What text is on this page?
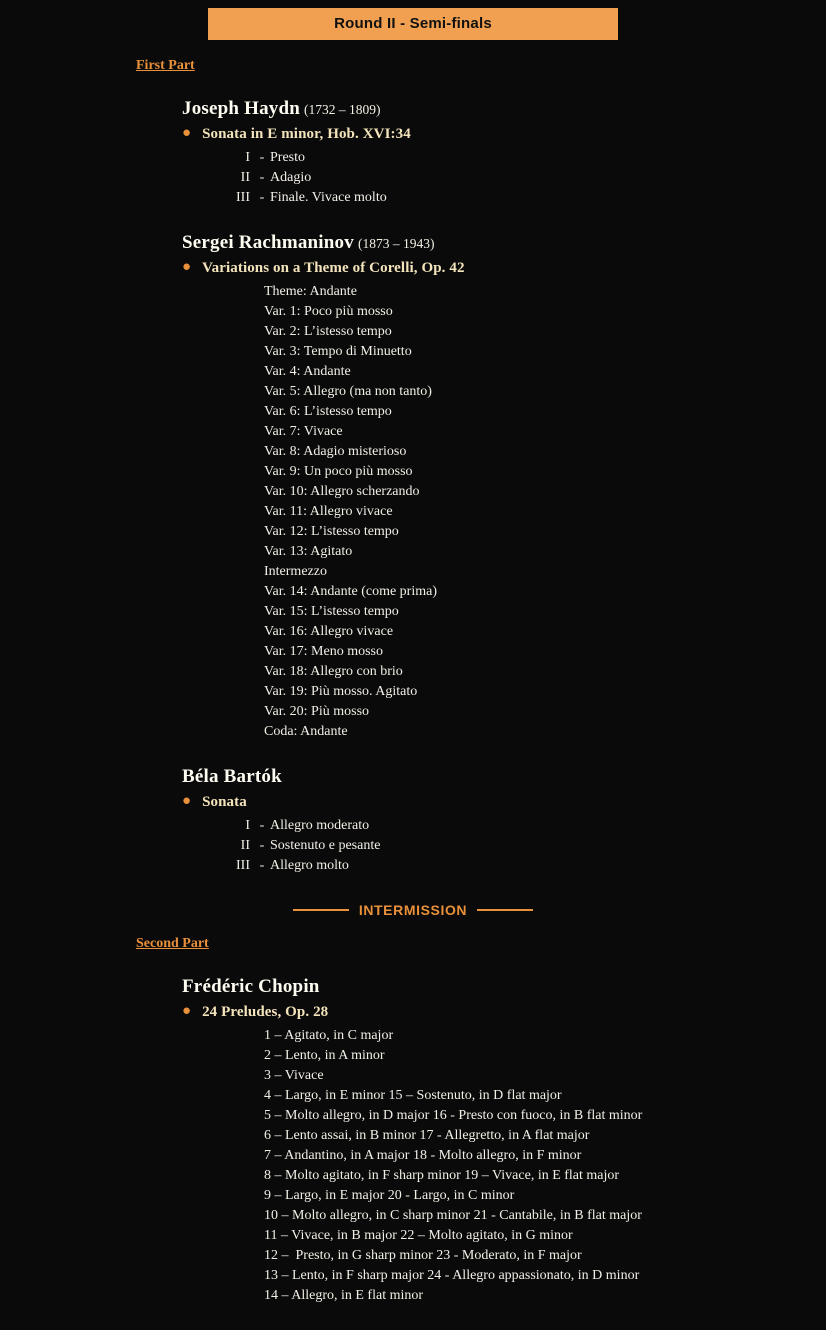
Round II - Semi-finals
First Part
Joseph Haydn (1732 – 1809)
● Sonata in E minor, Hob. XVI:34
I - Presto
II - Adagio
III - Finale. Vivace molto
Sergei Rachmaninov (1873 – 1943)
● Variations on a Theme of Corelli, Op. 42
Theme: Andante
Var. 1: Poco più mosso
Var. 2: L’istesso tempo
Var. 3: Tempo di Minuetto
Var. 4: Andante
Var. 5: Allegro (ma non tanto)
Var. 6: L’istesso tempo
Var. 7: Vivace
Var. 8: Adagio misterioso
Var. 9: Un poco più mosso
Var. 10: Allegro scherzando
Var. 11: Allegro vivace
Var. 12: L’istesso tempo
Var. 13: Agitato
Intermezzo
Var. 14: Andante (come prima)
Var. 15: L’istesso tempo
Var. 16: Allegro vivace
Var. 17: Meno mosso
Var. 18: Allegro con brio
Var. 19: Più mosso. Agitato
Var. 20: Più mosso
Coda: Andante
Béla Bartók
● Sonata
I - Allegro moderato
II - Sostenuto e pesante
III - Allegro molto
INTERMISSION
Second Part
Frédéric Chopin
● 24 Preludes, Op. 28
1 – Agitato, in C major
2 – Lento, in A minor
3 – Vivace
4 – Largo, in E minor 15 – Sostenuto, in D flat major
5 – Molto allegro, in D major 16 - Presto con fuoco, in B flat minor
6 – Lento assai, in B minor 17 - Allegretto, in A flat major
7 – Andantino, in A major 18 - Molto allegro, in F minor
8 – Molto agitato, in F sharp minor 19 – Vivace, in E flat major
9 – Largo, in E major 20 - Largo, in C minor
10 – Molto allegro, in C sharp minor 21 - Cantabile, in B flat major
11 – Vivace, in B major 22 – Molto agitato, in G minor
12 –  Presto, in G sharp minor 23 - Moderato, in F major
13 – Lento, in F sharp major 24 - Allegro appassionato, in D minor
14 – Allegro, in E flat minor
